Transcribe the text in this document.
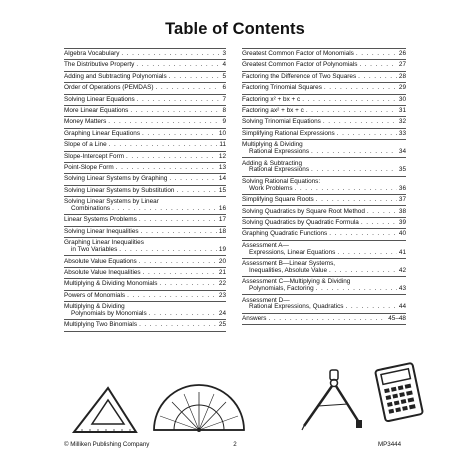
Table of Contents
Algebra Vocabulary . . .	3
The Distributive Property . . .	4
Adding and Subtracting Polynomials . . .	5
Order of Operations (PEMDAS) . . .	6
Solving Linear Equations . . .	7
More Linear Equations . . .	8
Money Matters . . .	9
Graphing Linear Equations . . .	10
Slope of a Line . . .	11
Slope-Intercept Form . . .	12
Point-Slope Form . . .	13
Solving Linear Systems by Graphing . . .	14
Solving Linear Systems by Substitution . . .	15
Solving Linear Systems by Linear
Combinations . . .	16
Linear Systems Problems . . .	17
Solving Linear Inequalities . . .	18
Graphing Linear Inequalities
in Two Variables . . .	19
Absolute Value Equations . . .	20
Absolute Value Inequalities . . .	21
Multiplying & Dividing Monomials . . .	22
Powers of Monomials . . .	23
Multiplying & Dividing
Polynomials by Monomials . . .	24
Multiplying Two Binomials . . .	25
Greatest Common Factor of Monomials . . .	26
Greatest Common Factor of Polynomials . . .	27
Factoring the Difference of Two Squares . . .	28
Factoring Trinomial Squares . . .	29
Factoring x² + bx + c . . .	30
Factoring ax² + bx + c . . .	31
Solving Trinomial Equations . . .	32
Simplifying Rational Expressions . . .	33
Multiplying & Dividing
Rational Expressions . . .	34
Adding & Subtracting
Rational Expressions . . .	35
Solving Rational Equations:
Work Problems . . .	36
Simplifying Square Roots . . .	37
Solving Quadratics by Square Root Method . . .	38
Solving Quadratics by Quadratic Formula . . .	39
Graphing Quadratic Functions . . .	40
Assessment A—
Expressions, Linear Equations . . .	41
Assessment B—Linear Systems,
Inequalities, Absolute Value . . .	42
Assessment C—Multiplying & Dividing
Polynomials, Factoring . . .	43
Assessment D—
Rational Expressions, Quadratics . . .	44
Answers . . .	45–48
© Milliken Publishing Company	2	MP3444
